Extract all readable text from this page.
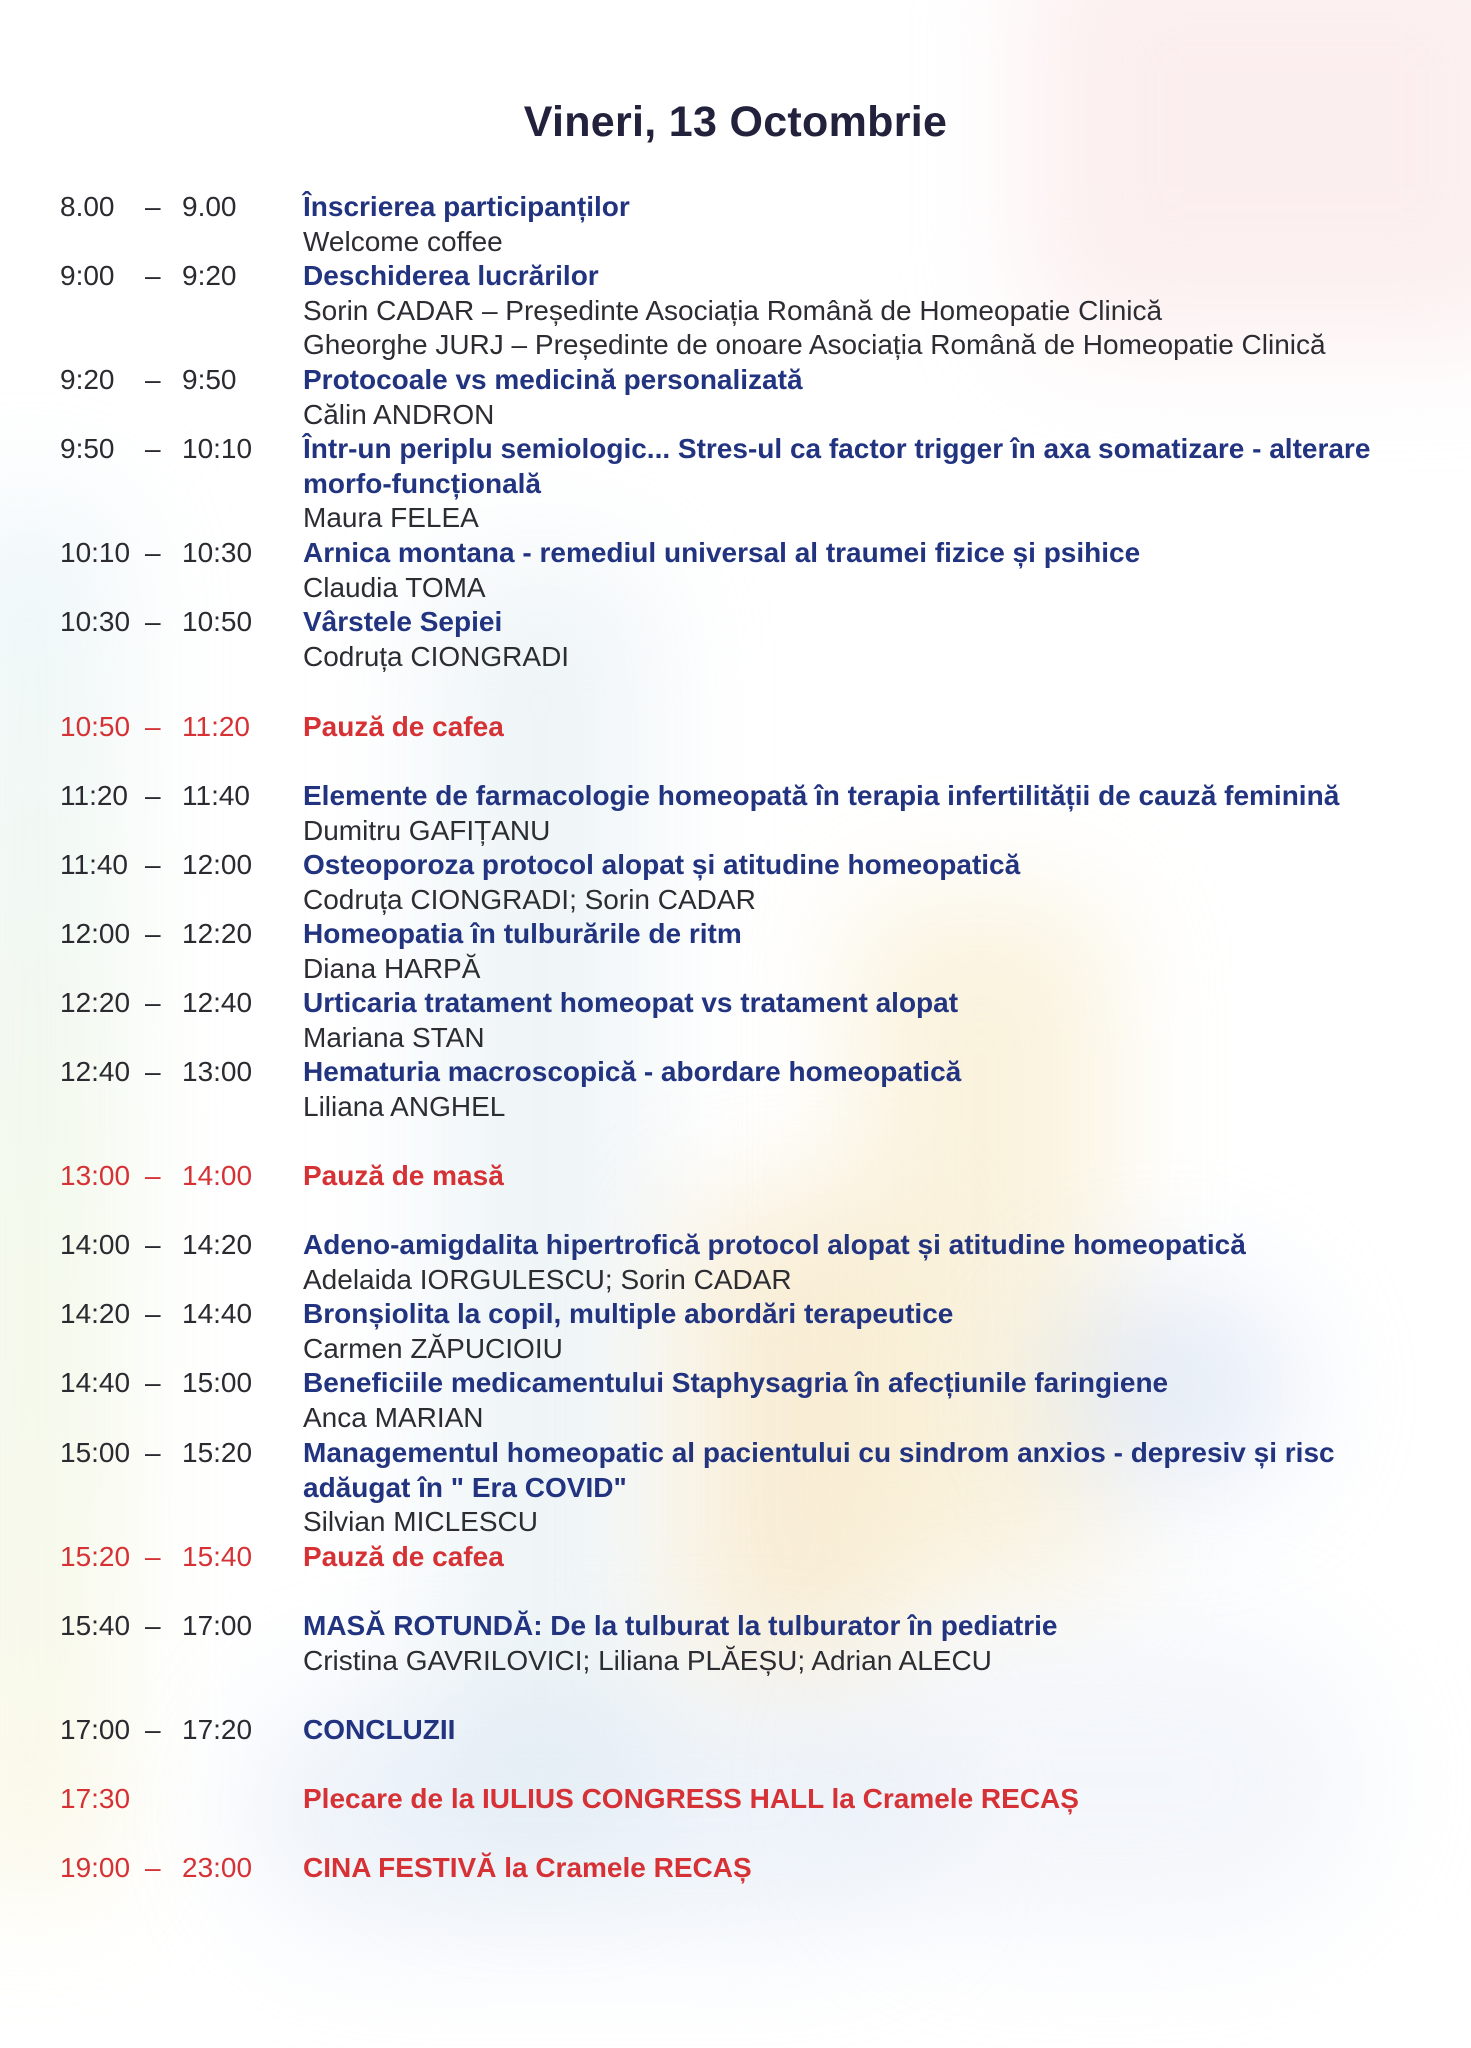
Vineri, 13 Octombrie
8.00 – 9.00 Înscrierea participanților
Welcome coffee
9:00 – 9:20 Deschiderea lucrărilor
Sorin CADAR – Președinte Asociația Română de Homeopatie Clinică
Gheorghe JURJ – Președinte de onoare Asociația Română de Homeopatie Clinică
9:20 – 9:50 Protocoale vs medicină personalizată
Călin ANDRON
9:50 – 10:10 Într-un periplu semiologic... Stres-ul ca factor trigger în axa somatizare - alterare morfo-funcțională
Maura FELEA
10:10 – 10:30 Arnica montana - remediul universal al traumei fizice și psihice
Claudia TOMA
10:30 – 10:50 Vârstele Sepiei
Codruța CIONGRADI
10:50 – 11:20 Pauză de cafea
11:20 – 11:40 Elemente de farmacologie homeopată în terapia infertilității de cauză feminină
Dumitru GAFIȚANU
11:40 – 12:00 Osteoporoza protocol alopat și atitudine homeopatică
Codruța CIONGRADI; Sorin CADAR
12:00 – 12:20 Homeopatia în tulburările de ritm
Diana HARPĂ
12:20 – 12:40 Urticaria tratament homeopat vs tratament alopat
Mariana STAN
12:40 – 13:00 Hematuria macroscopică - abordare homeopatică
Liliana ANGHEL
13:00 – 14:00 Pauză de masă
14:00 – 14:20 Adeno-amigdalita hipertrofică protocol alopat și atitudine homeopatică
Adelaida IORGULESCU; Sorin CADAR
14:20 – 14:40 Bronșiolita la copil, multiple abordări terapeutice
Carmen ZĂPUCIOIU
14:40 – 15:00 Beneficiile medicamentului Staphysagria în afecțiunile faringiene
Anca MARIAN
15:00 – 15:20 Managementul homeopatic al pacientului cu sindrom anxios - depresiv și risc adăugat în " Era COVID"
Silvian MICLESCU
15:20 – 15:40 Pauză de cafea
15:40 – 17:00 MASĂ ROTUNDĂ: De la tulburat la tulburator în pediatrie
Cristina GAVRILOVICI; Liliana PLĂEȘU; Adrian ALECU
17:00 – 17:20 CONCLUZII
17:30	Plecare de la IULIUS CONGRESS HALL la Cramele RECAȘ
19:00 – 23:00 CINA FESTIVĂ la Cramele RECAȘ
